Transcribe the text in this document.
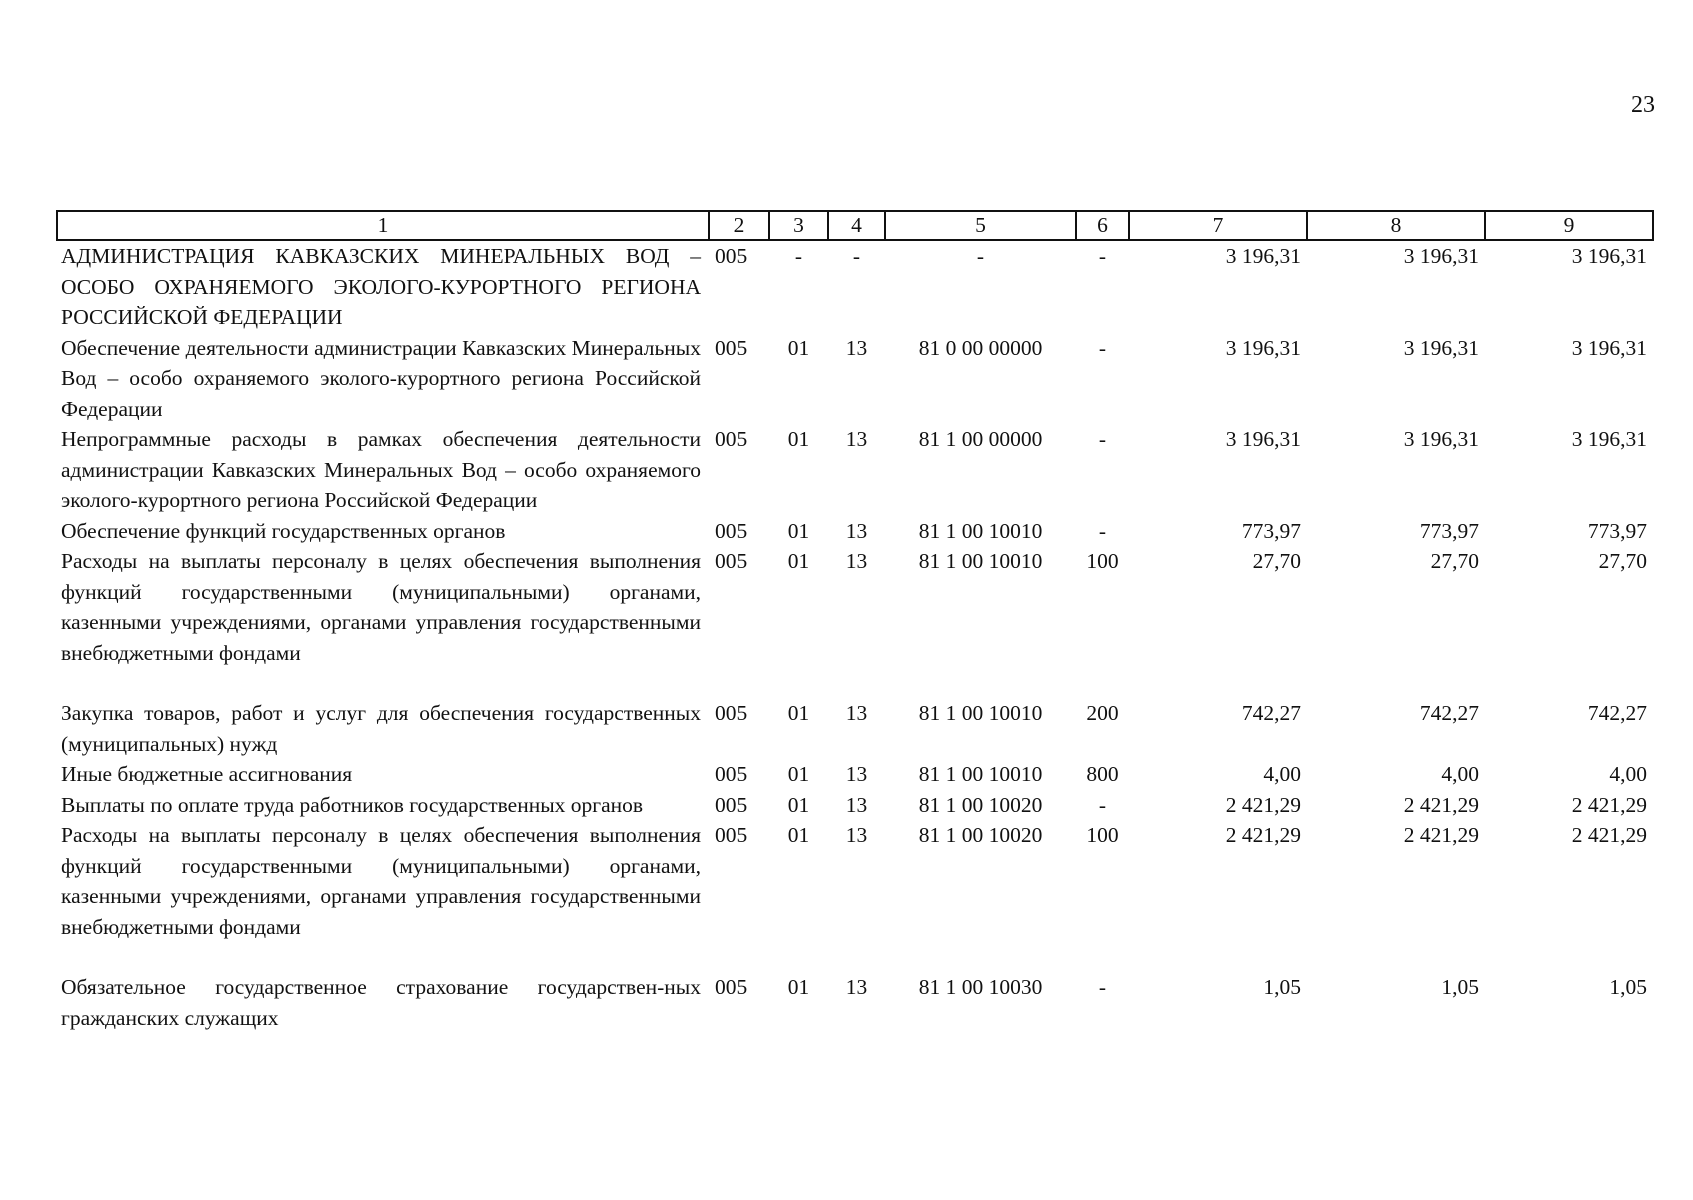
23
1	2	3	4	5	6	7	8	9
АДМИНИСТРАЦИЯ КАВКАЗСКИХ МИНЕРАЛЬНЫХ ВОД – ОСОБО ОХРАНЯЕМОГО ЭКОЛОГО-КУРОРТНОГО РЕГИОНА РОССИЙСКОЙ ФЕДЕРАЦИИ	005	-	-	-	-	3 196,31	3 196,31	3 196,31
Обеспечение деятельности администрации Кавказских Минеральных Вод – особо охраняемого эколого-курортного региона Российской Федерации	005	01	13	81 0 00 00000	-	3 196,31	3 196,31	3 196,31
Непрограммные расходы в рамках обеспечения деятельности администрации Кавказских Минеральных Вод – особо охраняемого эколого-курортного региона Российской Федерации	005	01	13	81 1 00 00000	-	3 196,31	3 196,31	3 196,31
Обеспечение функций государственных органов	005	01	13	81 1 00 10010	-	773,97	773,97	773,97
Расходы на выплаты персоналу в целях обеспечения выполнения функций государственными (муниципальными) органами, казенными учреждениями, органами управления государственными внебюджетными фондами	005	01	13	81 1 00 10010	100	27,70	27,70	27,70
Закупка товаров, работ и услуг для обеспечения государственных (муниципальных) нужд	005	01	13	81 1 00 10010	200	742,27	742,27	742,27
Иные бюджетные ассигнования	005	01	13	81 1 00 10010	800	4,00	4,00	4,00
Выплаты по оплате труда работников государственных органов	005	01	13	81 1 00 10020	-	2 421,29	2 421,29	2 421,29
Расходы на выплаты персоналу в целях обеспечения выполнения функций государственными (муниципальными) органами, казенными учреждениями, органами управления государственными внебюджетными фондами	005	01	13	81 1 00 10020	100	2 421,29	2 421,29	2 421,29
Обязательное государственное страхование государствен-ных гражданских служащих	005	01	13	81 1 00 10030	-	1,05	1,05	1,05
